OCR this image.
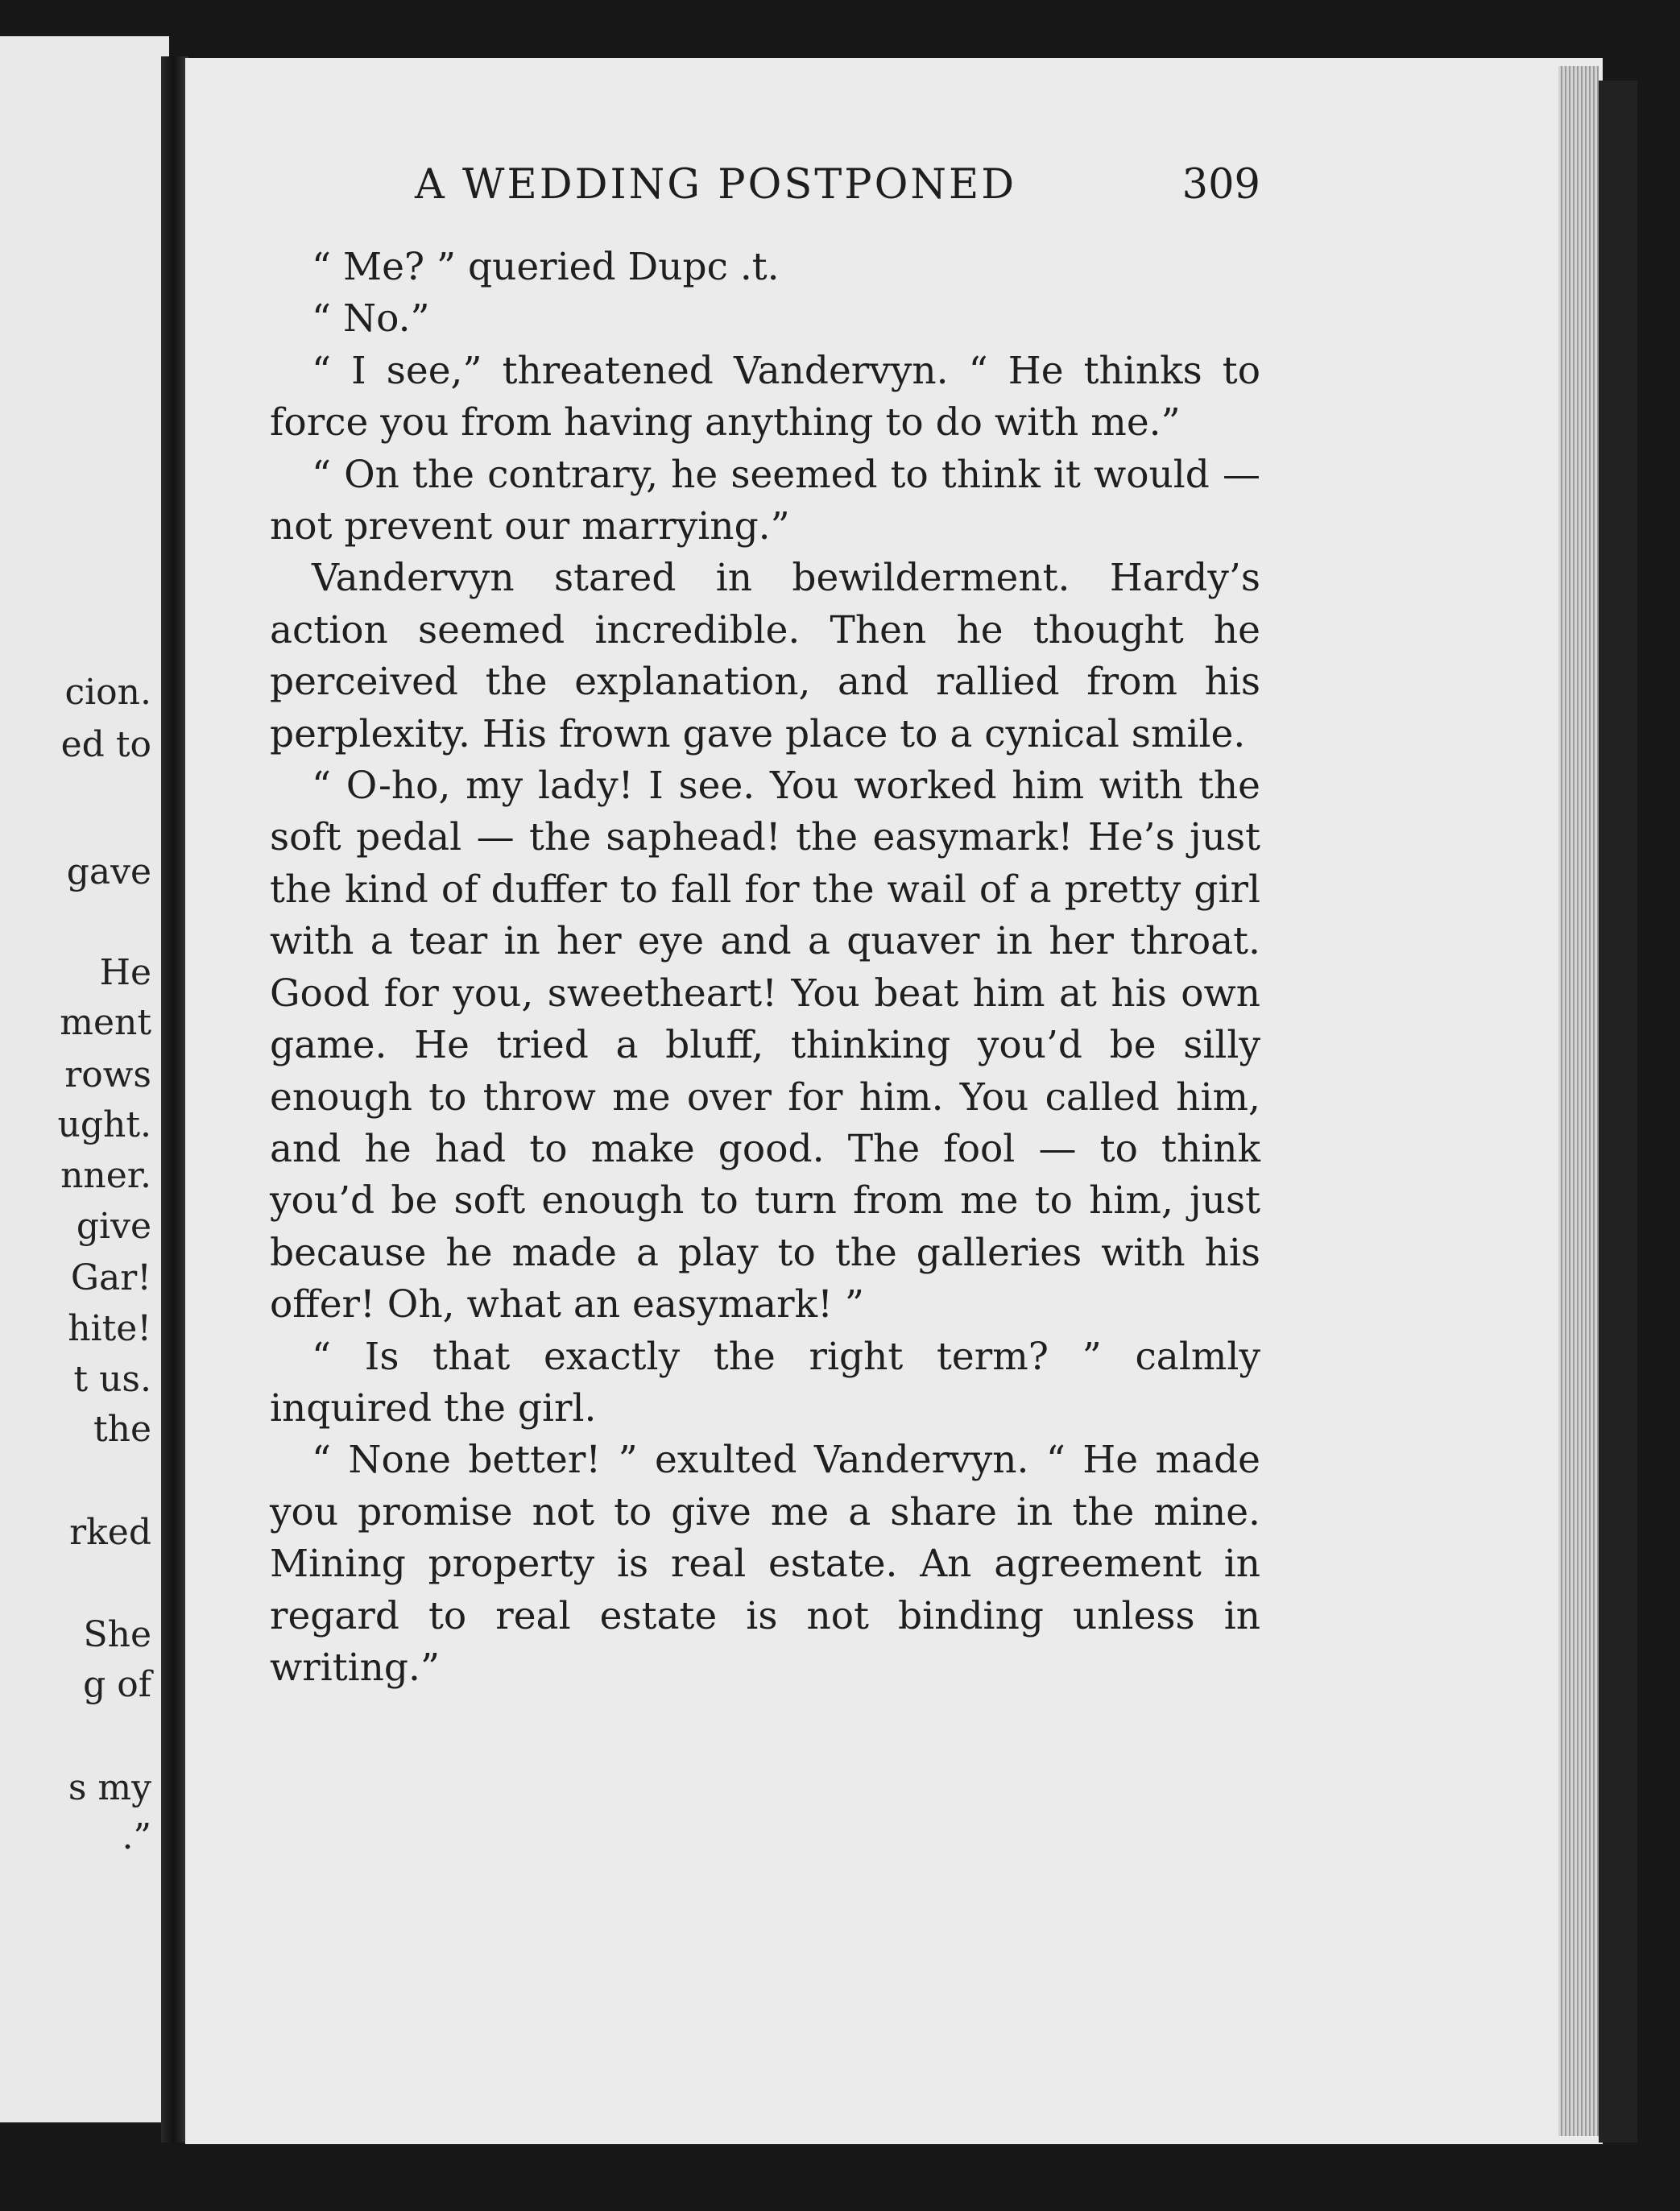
cion.

ed to

gave

He

ment

rows

ught.

nner.

give

Gar!

hite!

t us.

the

rked

She

g of

s my

.”

A WEDDING POSTPONED	309

“ Me? ” queried Dupc .t.

“ No.”

“ I see,” threatened Vandervyn. “ He thinks to force you from having anything to do with me.”

“ On the contrary, he seemed to think it would — not prevent our marrying.”

Vandervyn stared in bewilderment. Hardy’s action seemed incredible. Then he thought he perceived the explanation, and rallied from his perplexity. His frown gave place to a cynical smile.

“ O-ho, my lady! I see. You worked him with the soft pedal — the saphead! the easymark! He’s just the kind of duffer to fall for the wail of a pretty girl with a tear in her eye and a quaver in her throat. Good for you, sweetheart! You beat him at his own game. He tried a bluff, thinking you’d be silly enough to throw me over for him. You called him, and he had to make good. The fool — to think you’d be soft enough to turn from me to him, just because he made a play to the galleries with his offer! Oh, what an easymark! ”

“ Is that exactly the right term? ” calmly inquired the girl.

“ None better! ” exulted Vandervyn. “ He made you promise not to give me a share in the mine. Mining property is real estate. An agreement in regard to real estate is not binding unless in writing.”
